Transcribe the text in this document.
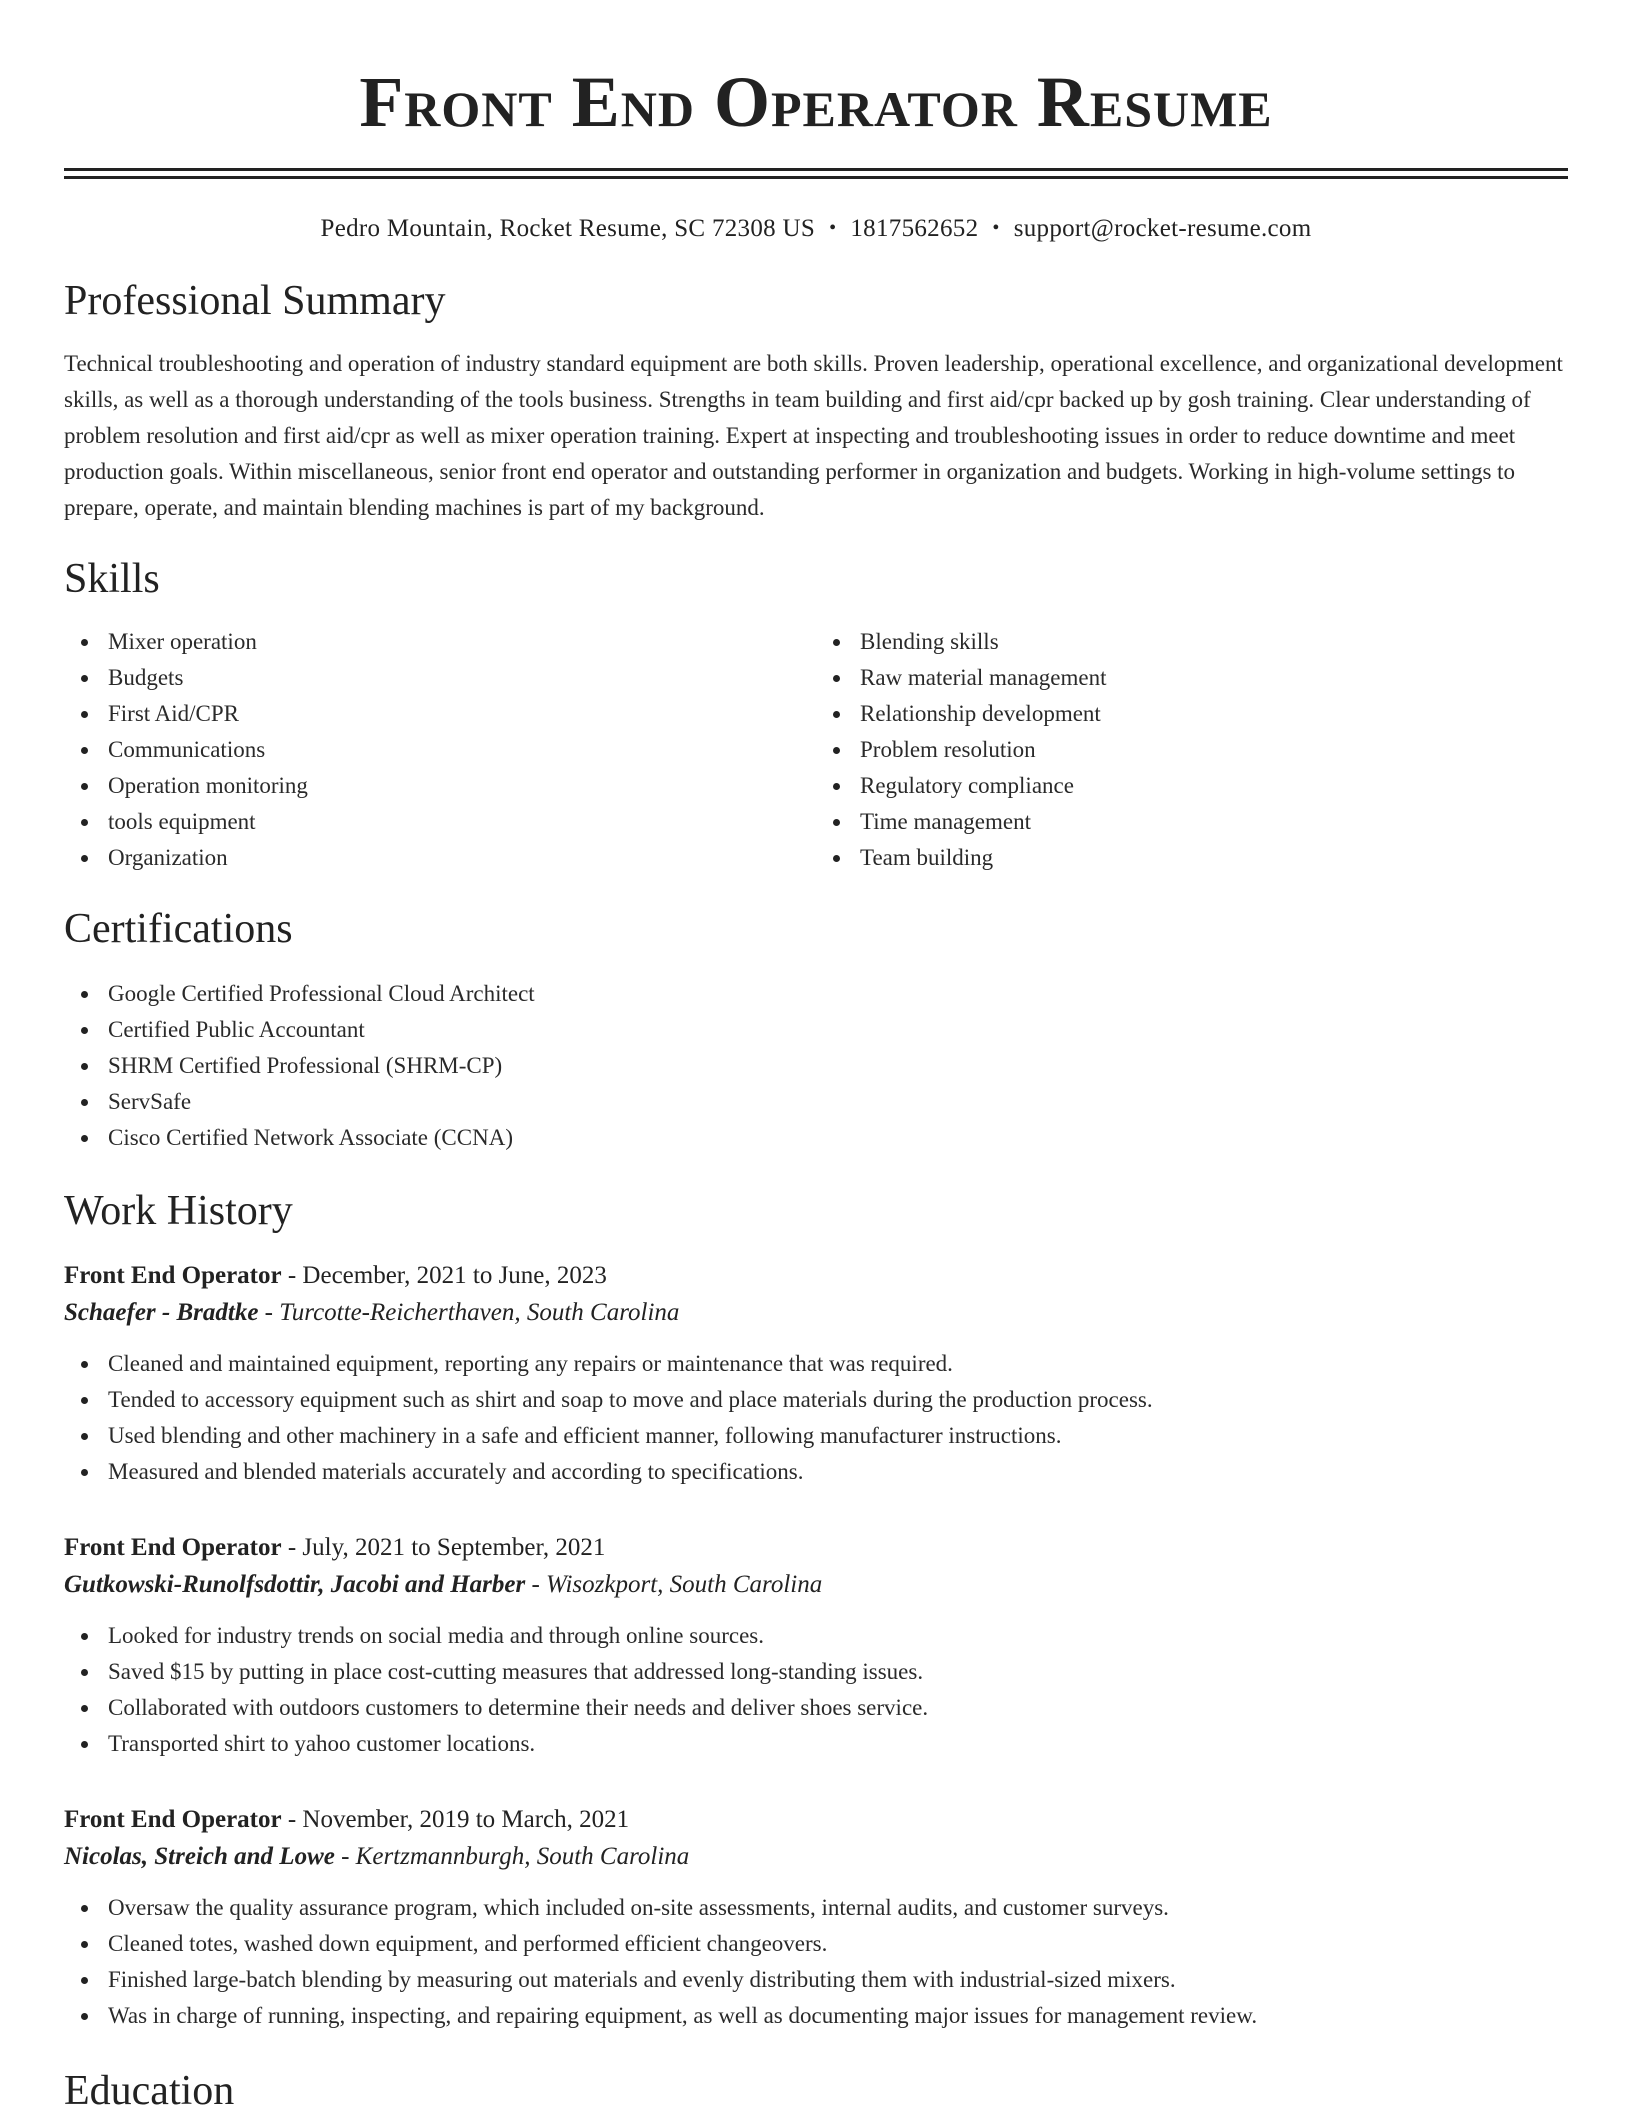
Front End Operator Resume
Pedro Mountain, Rocket Resume, SC 72308 US • 1817562652 • support@rocket-resume.com
Professional Summary

Technical troubleshooting and operation of industry standard equipment are both skills. Proven leadership, operational excellence, and organizational development skills, as well as a thorough understanding of the tools business. Strengths in team building and first aid/cpr backed up by gosh training. Clear understanding of problem resolution and first aid/cpr as well as mixer operation training. Expert at inspecting and troubleshooting issues in order to reduce downtime and meet production goals. Within miscellaneous, senior front end operator and outstanding performer in organization and budgets. Working in high-volume settings to prepare, operate, and maintain blending machines is part of my background.

Skills
Mixer operation
Budgets
First Aid/CPR
Communications
Operation monitoring
tools equipment
Organization
Blending skills
Raw material management
Relationship development
Problem resolution
Regulatory compliance
Time management
Team building
Certifications
Google Certified Professional Cloud Architect
Certified Public Accountant
SHRM Certified Professional (SHRM-CP)
ServSafe
Cisco Certified Network Associate (CCNA)
Work History
Front End Operator - December, 2021 to June, 2023
Schaefer - Bradtke - Turcotte-Reicherthaven, South Carolina
Cleaned and maintained equipment, reporting any repairs or maintenance that was required.
Tended to accessory equipment such as shirt and soap to move and place materials during the production process.
Used blending and other machinery in a safe and efficient manner, following manufacturer instructions.
Measured and blended materials accurately and according to specifications.
Front End Operator - July, 2021 to September, 2021
Gutkowski-Runolfsdottir, Jacobi and Harber - Wisozkport, South Carolina
Looked for industry trends on social media and through online sources.
Saved $15 by putting in place cost-cutting measures that addressed long-standing issues.
Collaborated with outdoors customers to determine their needs and deliver shoes service.
Transported shirt to yahoo customer locations.
Front End Operator - November, 2019 to March, 2021
Nicolas, Streich and Lowe - Kertzmannburgh, South Carolina
Oversaw the quality assurance program, which included on-site assessments, internal audits, and customer surveys.
Cleaned totes, washed down equipment, and performed efficient changeovers.
Finished large-batch blending by measuring out materials and evenly distributing them with industrial-sized mixers.
Was in charge of running, inspecting, and repairing equipment, as well as documenting major issues for management review.
Education
